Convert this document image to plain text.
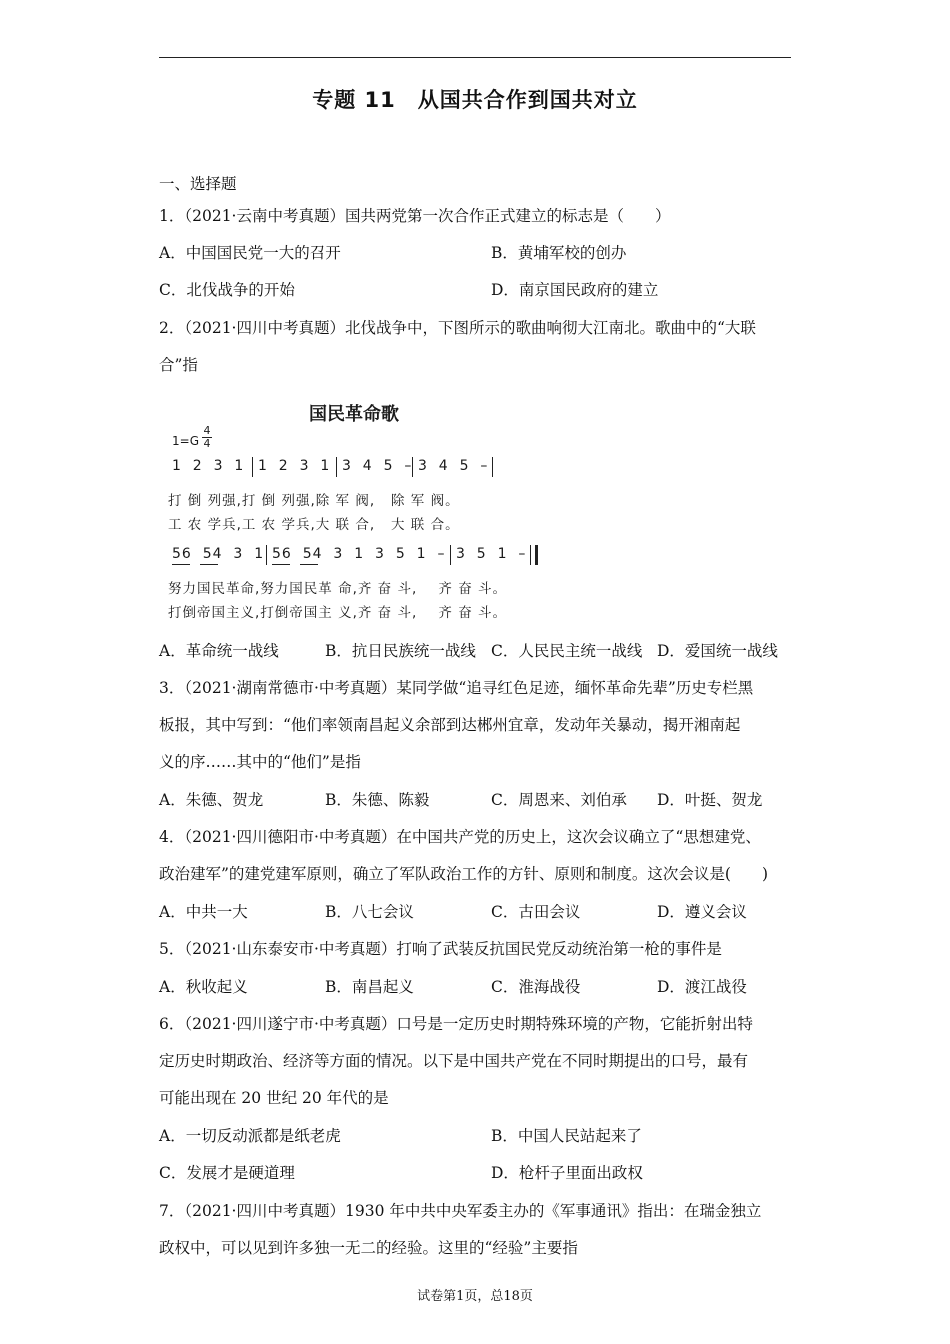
专题 11　从国共合作到国共对立
一、选择题
1．（2021·云南中考真题）国共两党第一次合作正式建立的标志是（　　）
A．中国国民党一大的召开	B．黄埔军校的创办
C．北伐战争的开始	D．南京国民政府的建立
2．（2021·四川中考真题）北伐战争中，下图所示的歌曲响彻大江南北。歌曲中的“大联
合”指
国民革命歌
$1=G \frac{4}{4}$
1  2  3  1 1  2  3  1 3  4  5  – 3  4  5  –
打 倒 列强,打 倒 列强,除 军 阀,   除 军 阀。
工 农 学兵,工 农 学兵,大 联 合,   大 联 合。
56  54  3  1 56  54  3  1  3  5  1  – 3  5  1  –
努力国民革命,努力国民革 命,齐 奋 斗,    齐 奋 斗。
打倒帝国主义,打倒帝国主 义,齐 奋 斗,    齐 奋 斗。
A．革命统一战线	B．抗日民族统一战线 C．人民民主统一战线 D．爱国统一战线
3．（2021·湖南常德市·中考真题）某同学做“追寻红色足迹，缅怀革命先辈”历史专栏黑
板报，其中写到：“他们率领南昌起义余部到达郴州宜章，发动年关暴动，揭开湘南起
义的序……其中的“他们”是指
A．朱德、贺龙	B．朱德、陈毅	C．周恩来、刘伯承 D．叶挺、贺龙
4．（2021·四川德阳市·中考真题）在中国共产党的历史上，这次会议确立了“思想建党、
政治建军”的建党建军原则，确立了军队政治工作的方针、原则和制度。这次会议是(　　)
A．中共一大	B．八七会议	C．古田会议	D．遵义会议
5．（2021·山东泰安市·中考真题）打响了武装反抗国民党反动统治第一枪的事件是
A．秋收起义	B．南昌起义	C．淮海战役	D．渡江战役
6．（2021·四川遂宁市·中考真题）口号是一定历史时期特殊环境的产物，它能折射出特
定历史时期政治、经济等方面的情况。以下是中国共产党在不同时期提出的口号，最有
可能出现在 20 世纪 20 年代的是
A．一切反动派都是纸老虎	B．中国人民站起来了
C．发展才是硬道理	D．枪杆子里面出政权
7．（2021·四川中考真题）1930 年中共中央军委主办的《军事通讯》指出：在瑞金独立
政权中，可以见到许多独一无二的经验。这里的“经验”主要指
试卷第1页，总18页
